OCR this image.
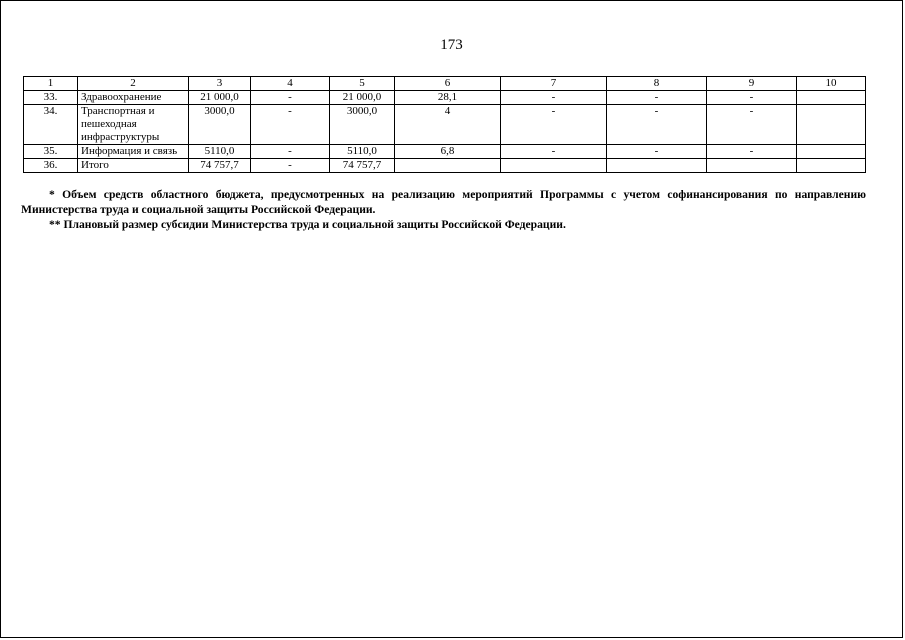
173
1	2	3	4	5	6	7	8	9	10
33.	Здравоохранение	21 000,0	-	21 000,0	28,1	-	-	-	
34.	Транспортная и пешеходная инфраструктуры	3000,0	-	3000,0	4	-	-	-	
35.	Информация и связь	5110,0	-	5110,0	6,8	-	-	-	
36.	Итого	74 757,7	-	74 757,7					

* Объем средств областного бюджета, предусмотренных на реализацию мероприятий Программы с учетом софинансирования по направлению Министерства труда и социальной защиты Российской Федерации.

** Плановый размер субсидии Министерства труда и социальной защиты Российской Федерации.
